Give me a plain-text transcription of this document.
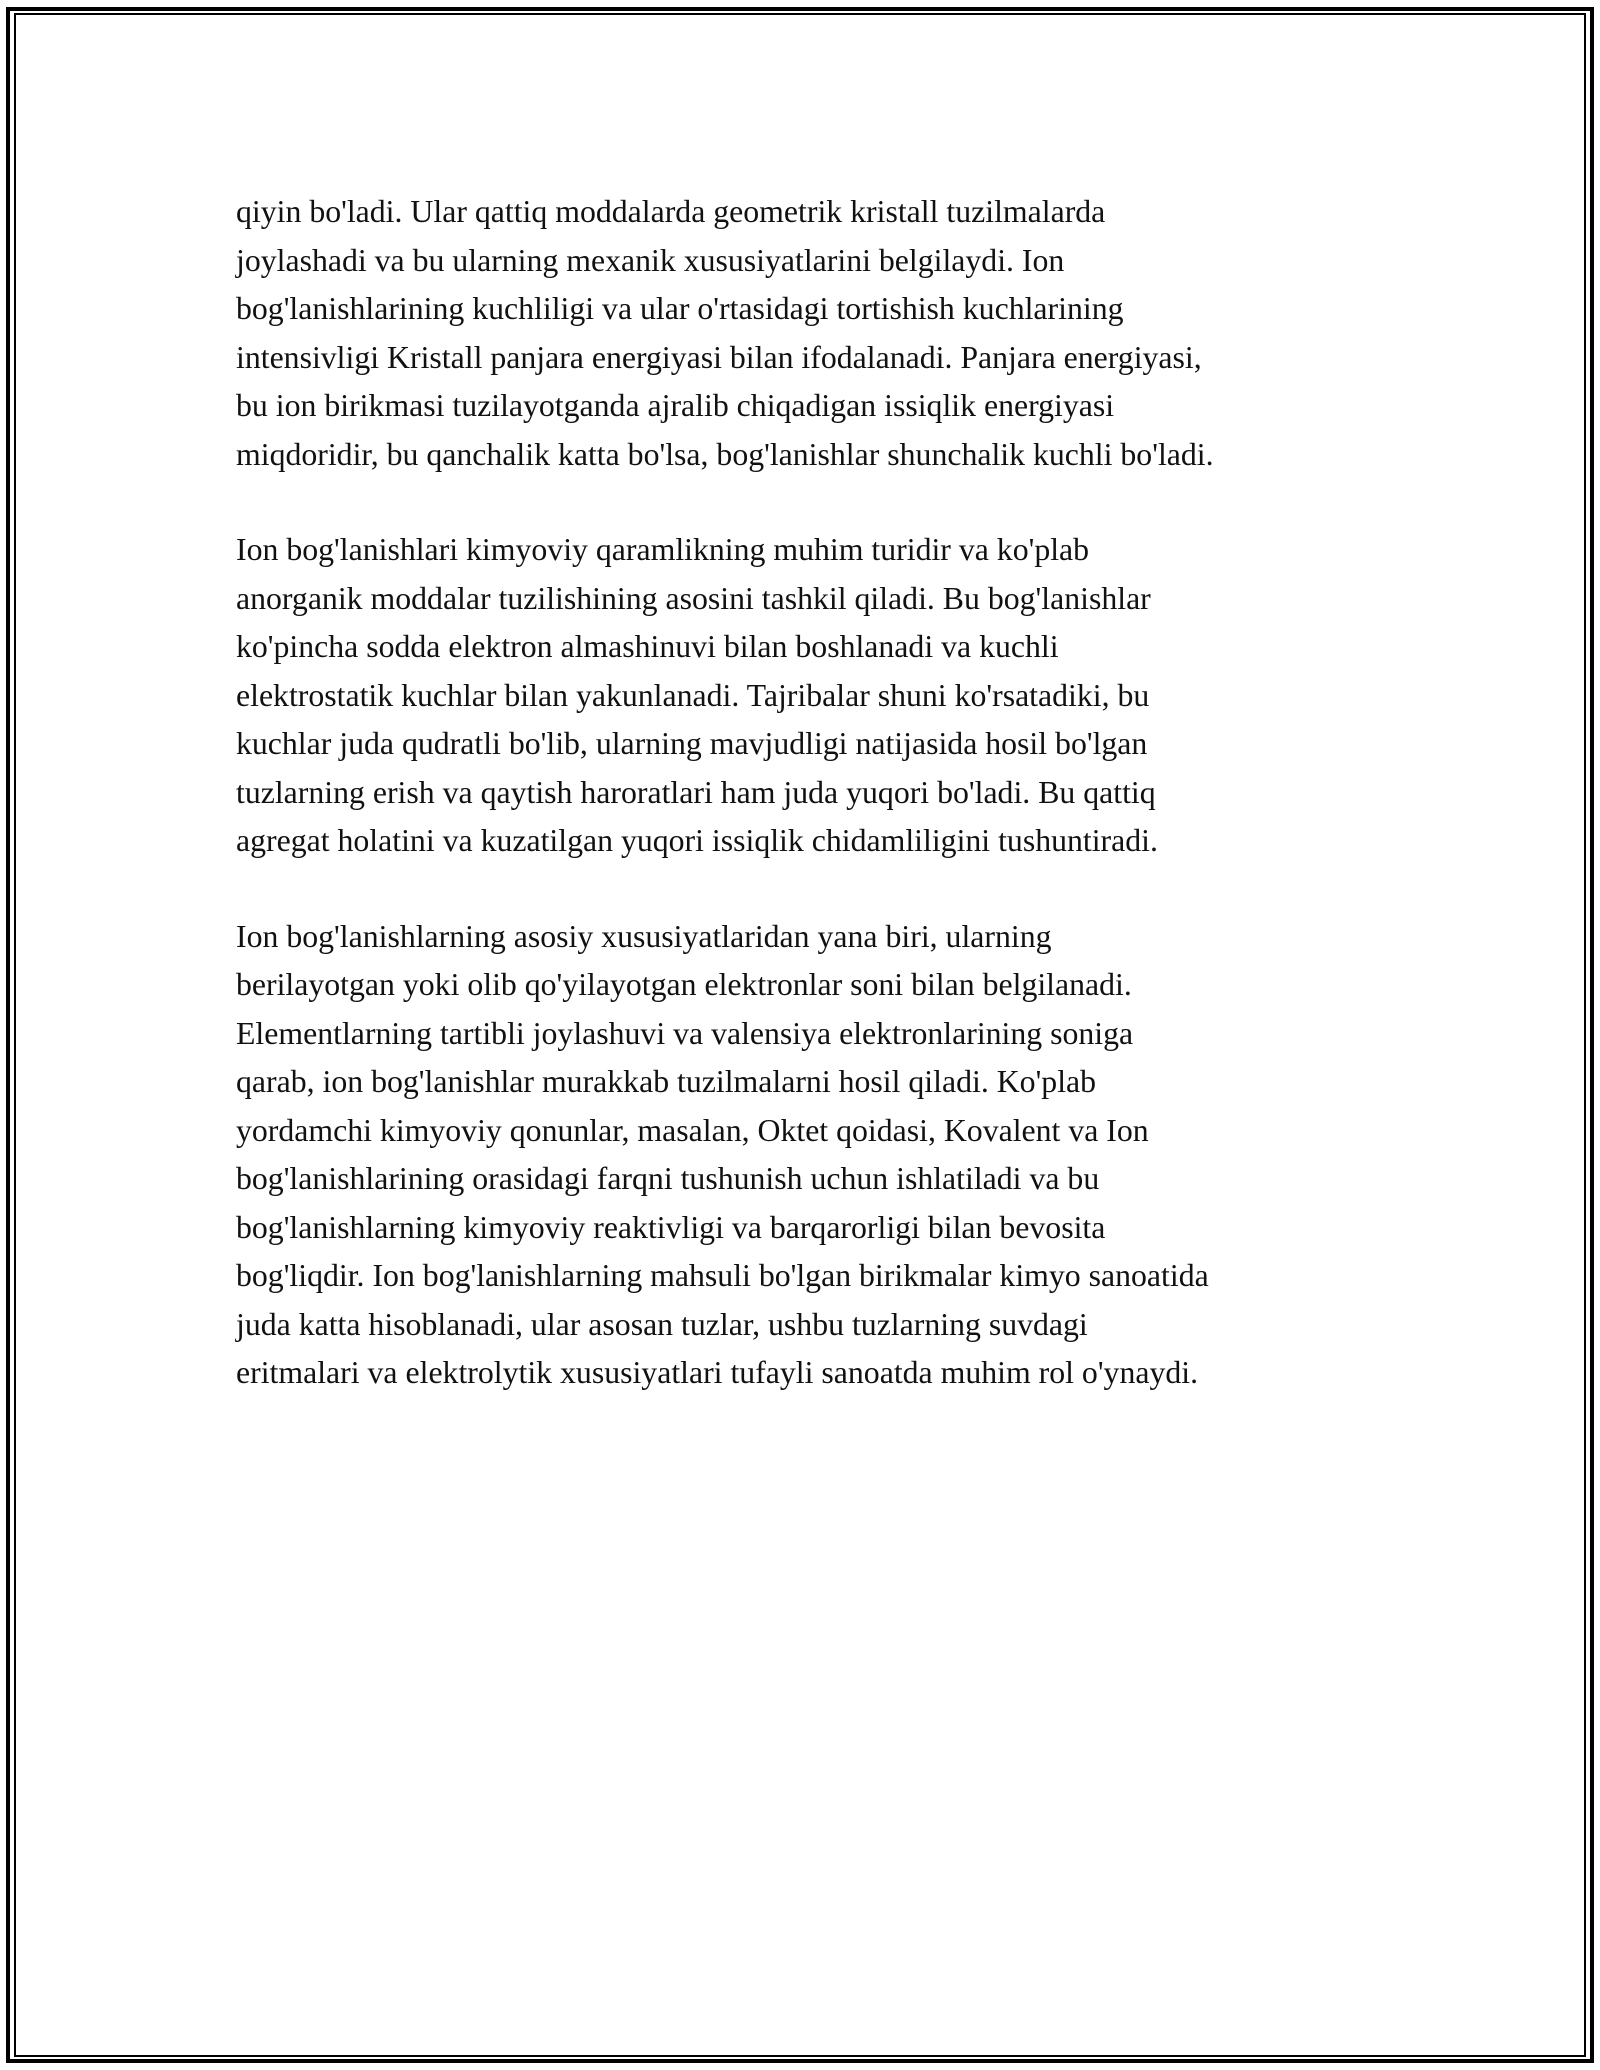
qiyin bo'ladi. Ular qattiq moddalarda geometrik kristall tuzilmalarda
joylashadi va bu ularning mexanik xususiyatlarini belgilaydi. Ion
bog'lanishlarining kuchliligi va ular o'rtasidagi tortishish kuchlarining
intensivligi Kristall panjara energiyasi bilan ifodalanadi. Panjara energiyasi,
bu ion birikmasi tuzilayotganda ajralib chiqadigan issiqlik energiyasi
miqdoridir, bu qanchalik katta bo'lsa, bog'lanishlar shunchalik kuchli bo'ladi.

Ion bog'lanishlari kimyoviy qaramlikning muhim turidir va ko'plab
anorganik moddalar tuzilishining asosini tashkil qiladi. Bu bog'lanishlar
ko'pincha sodda elektron almashinuvi bilan boshlanadi va kuchli
elektrostatik kuchlar bilan yakunlanadi. Tajribalar shuni ko'rsatadiki, bu
kuchlar juda qudratli bo'lib, ularning mavjudligi natijasida hosil bo'lgan
tuzlarning erish va qaytish haroratlari ham juda yuqori bo'ladi. Bu qattiq
agregat holatini va kuzatilgan yuqori issiqlik chidamliligini tushuntiradi.

Ion bog'lanishlarning asosiy xususiyatlaridan yana biri, ularning
berilayotgan yoki olib qo'yilayotgan elektronlar soni bilan belgilanadi.
Elementlarning tartibli joylashuvi va valensiya elektronlarining soniga
qarab, ion bog'lanishlar murakkab tuzilmalarni hosil qiladi. Ko'plab
yordamchi kimyoviy qonunlar, masalan, Oktet qoidasi, Kovalent va Ion
bog'lanishlarining orasidagi farqni tushunish uchun ishlatiladi va bu
bog'lanishlarning kimyoviy reaktivligi va barqarorligi bilan bevosita
bog'liqdir. Ion bog'lanishlarning mahsuli bo'lgan birikmalar kimyo sanoatida
juda katta hisoblanadi, ular asosan tuzlar, ushbu tuzlarning suvdagi
eritmalari va elektrolytik xususiyatlari tufayli sanoatda muhim rol o'ynaydi.
